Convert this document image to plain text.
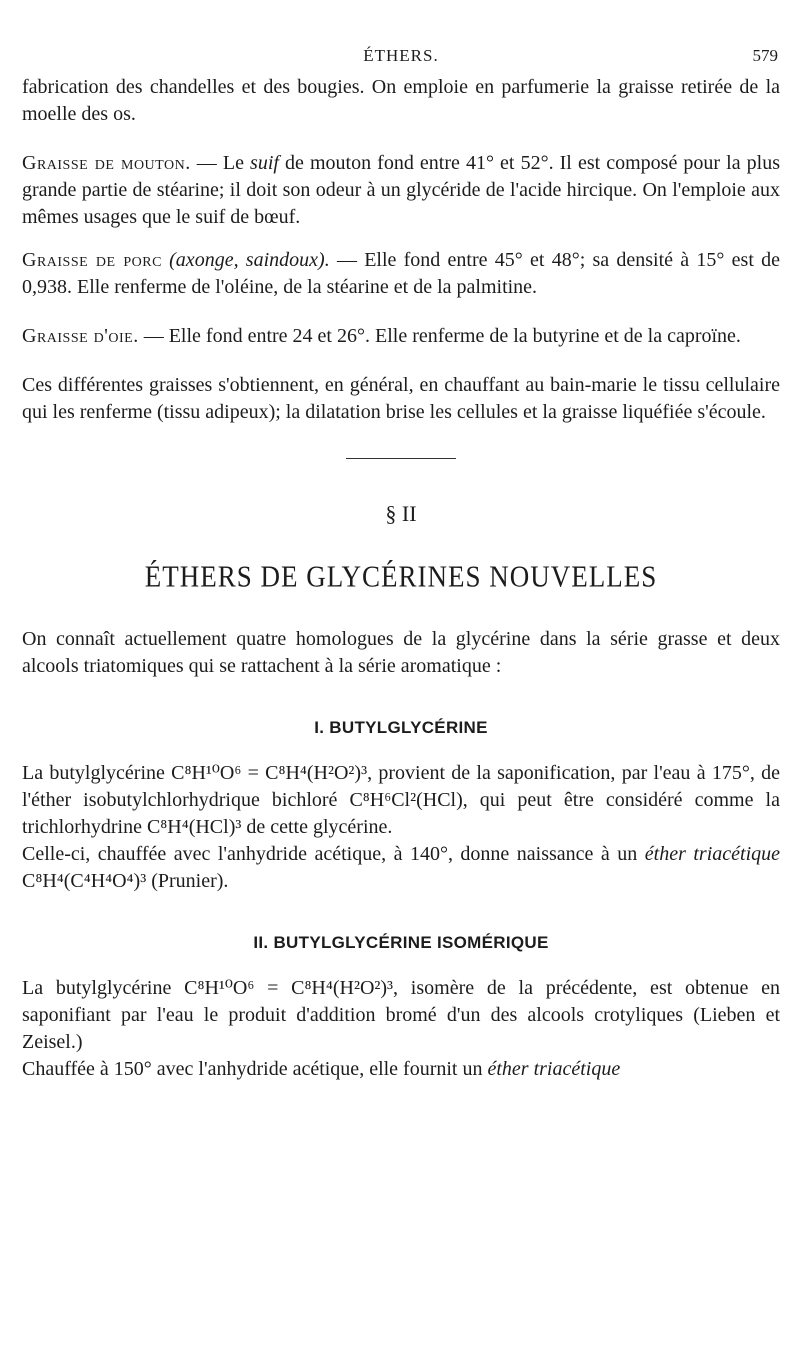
ÉTHERS.	579

fabrication des chandelles et des bougies. On emploie en parfumerie la graisse retirée de la moelle des os.

Graisse de mouton. — Le suif de mouton fond entre 41° et 52°. Il est composé pour la plus grande partie de stéarine; il doit son odeur à un glycéride de l'acide hircique. On l'emploie aux mêmes usages que le suif de bœuf.

Graisse de porc (axonge, saindoux). — Elle fond entre 45° et 48°; sa densité à 15° est de 0,938. Elle renferme de l'oléine, de la stéarine et de la palmitine.

Graisse d'oie. — Elle fond entre 24 et 26°. Elle renferme de la butyrine et de la caproïne.

Ces différentes graisses s'obtiennent, en général, en chauffant au bain-marie le tissu cellulaire qui les renferme (tissu adipeux); la dilatation brise les cellules et la graisse liquéfiée s'écoule.

§ II
ÉTHERS DE GLYCÉRINES NOUVELLES

On connaît actuellement quatre homologues de la glycérine dans la série grasse et deux alcools triatomiques qui se rattachent à la série aromatique :

I. BUTYLGLYCÉRINE

La butylglycérine C⁸H¹⁰O⁶ = C⁸H⁴(H²O²)³, provient de la saponification, par l'eau à 175°, de l'éther isobutylchlorhydrique bichloré C⁸H⁶Cl²(HCl), qui peut être considéré comme la trichlorhydrine C⁸H⁴(HCl)³ de cette glycérine.

Celle-ci, chauffée avec l'anhydride acétique, à 140°, donne naissance à un éther triacétique C⁸H⁴(C⁴H⁴O⁴)³ (Prunier).

II. BUTYLGLYCÉRINE ISOMÉRIQUE

La butylglycérine C⁸H¹⁰O⁶ = C⁸H⁴(H²O²)³, isomère de la précédente, est obtenue en saponifiant par l'eau le produit d'addition bromé d'un des alcools crotyliques (Lieben et Zeisel.)

Chauffée à 150° avec l'anhydride acétique, elle fournit un éther triacétique
